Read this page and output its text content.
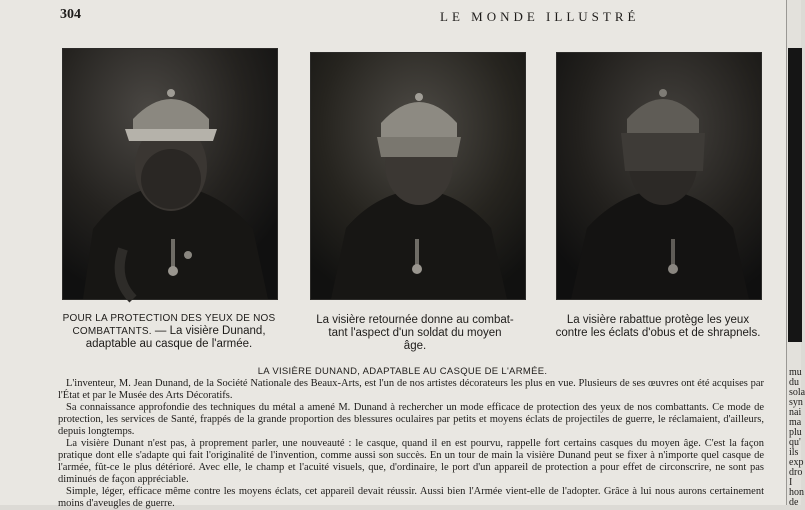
304	LE MONDE ILLUSTRÉ
POUR LA PROTECTION DES YEUX DE NOS
COMBATTANTS. — La visière Dunand,
adaptable au casque de l'armée.
La visière retournée donne au combat-
tant l'aspect d'un soldat du moyen
âge.
La visière rabattue protège les yeux
contre les éclats d'obus et de shrapnels.
LA VISIÈRE DUNAND, ADAPTABLE AU CASQUE DE L'ARMÉE.

L'inventeur, M. Jean Dunand, de la Société Nationale des Beaux-Arts, est l'un de nos artistes décorateurs les plus en vue. Plusieurs de ses œuvres ont été acquises par l'État et par le Musée des Arts Décoratifs.

Sa connaissance approfondie des techniques du métal a amené M. Dunand à rechercher un mode efficace de protection des yeux de nos combattants. Ce mode de protection, les services de Santé, frappés de la grande proportion des blessures oculaires par petits et moyens éclats de projectiles de guerre, le réclamaient, d'ailleurs, depuis longtemps.

La visière Dunant n'est pas, à proprement parler, une nouveauté : le casque, quand il en est pourvu, rappelle fort certains casques du moyen âge. C'est la façon pratique dont elle s'adapte qui fait l'originalité de l'invention, comme aussi son succès. En un tour de main la visière Dunand peut se fixer à n'importe quel casque de l'armée, fût-ce le plus détérioré. Avec elle, le champ et l'acuité visuels, que, d'ordinaire, le port d'un appareil de protection a pour effet de circonscrire, ne sont pas diminués de façon appréciable.

Simple, léger, efficace même contre les moyens éclats, cet appareil devait réussir. Aussi bien l'Armée vient-elle de l'adopter. Grâce à lui nous aurons certainement moins d'aveugles de guerre.

mu
du
sola
syn
nai
ma
plu
qu'
ils
exp
dro
I
hon
de
